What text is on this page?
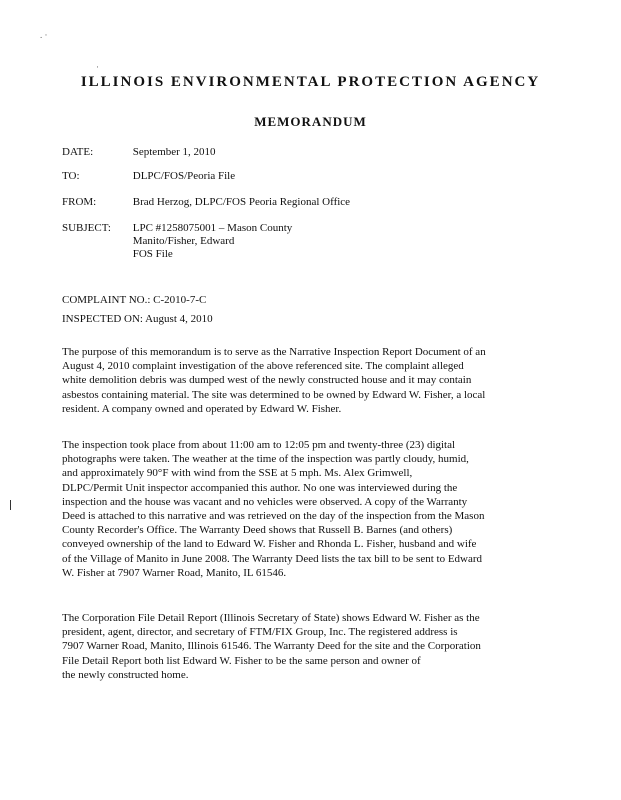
. ·
·
ILLINOIS ENVIRONMENTAL PROTECTION AGENCY
MEMORANDUM
DATE:	September 1, 2010
TO:	DLPC/FOS/Peoria File
FROM:	Brad Herzog, DLPC/FOS Peoria Regional Office
SUBJECT: LPC #1258075001 – Mason County
Manito/Fisher, Edward
FOS File
COMPLAINT NO.: C-2010-7-C
INSPECTED ON: August 4, 2010
The purpose of this memorandum is to serve as the Narrative Inspection Report Document of an
August 4, 2010 complaint investigation of the above referenced site. The complaint alleged
white demolition debris was dumped west of the newly constructed house and it may contain
asbestos containing material. The site was determined to be owned by Edward W. Fisher, a local
resident. A company owned and operated by Edward W. Fisher.
The inspection took place from about 11:00 am to 12:05 pm and twenty-three (23) digital
photographs were taken. The weather at the time of the inspection was partly cloudy, humid,
and approximately 90°F with wind from the SSE at 5 mph. Ms. Alex Grimwell,
DLPC/Permit Unit inspector accompanied this author. No one was interviewed during the
inspection and the house was vacant and no vehicles were observed. A copy of the Warranty
Deed is attached to this narrative and was retrieved on the day of the inspection from the Mason
County Recorder's Office. The Warranty Deed shows that Russell B. Barnes (and others)
conveyed ownership of the land to Edward W. Fisher and Rhonda L. Fisher, husband and wife
of the Village of Manito in June 2008. The Warranty Deed lists the tax bill to be sent to Edward
W. Fisher at 7907 Warner Road, Manito, IL 61546.
The Corporation File Detail Report (Illinois Secretary of State) shows Edward W. Fisher as the
president, agent, director, and secretary of FTM/FIX Group, Inc. The registered address is
7907 Warner Road, Manito, Illinois 61546. The Warranty Deed for the site and the Corporation
File Detail Report both list Edward W. Fisher to be the same person and owner of
the newly constructed home.
